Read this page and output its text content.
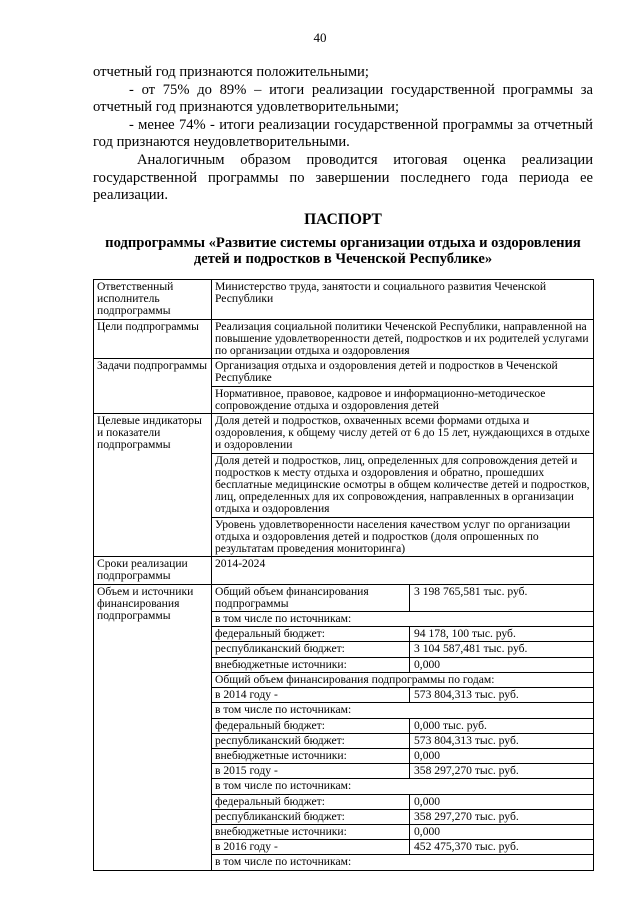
40

отчетный год признаются положительными;

- от 75% до 89% – итоги реализации государственной программы за отчетный год признаются удовлетворительными;

- менее 74% - итоги реализации государственной программы за отчетный год признаются неудовлетворительными.

Аналогичным образом проводится итоговая оценка реализации государственной программы по завершении последнего года периода ее реализации.

ПАСПОРТ
подпрограммы «Развитие системы организации отдыха и оздоровления детей и подростков в Чеченской Республике»
Ответственный исполнитель подпрограммы	Министерство труда, занятости и социального развития Чеченской Республики	
Цели подпрограммы	Реализация социальной политики Чеченской Республики, направленной на повышение удовлетворенности детей, подростков и их родителей услугами по организации отдыха и оздоровления	
Задачи подпрограммы	Организация отдыха и оздоровления детей и подростков в Чеченской Республике	
	Нормативное, правовое, кадровое и информационно-методическое сопровождение отдыха и оздоровления детей	
Целевые индикаторы и показатели подпрограммы	Доля детей и подростков, охваченных всеми формами отдыха и оздоровления, к общему числу детей от 6 до 15 лет, нуждающихся в отдыхе и оздоровлении	
	Доля детей и подростков, лиц, определенных для сопровождения детей и подростков к месту отдыха и оздоровления и обратно, прошедших бесплатные медицинские осмотры в общем количестве детей и подростков, лиц, определенных для их сопровождения, направленных в организации отдыха и оздоровления	
	Уровень удовлетворенности населения качеством услуг по организации отдыха и оздоровления детей и подростков (доля опрошенных по результатам проведения мониторинга)	
Сроки реализации подпрограммы	2014-2024	
Объем и источники финансирования подпрограммы	Общий объем финансирования подпрограммы	3 198 765,581 тыс. руб.
	в том числе по источникам:	
	федеральный бюджет:	94 178, 100 тыс. руб.
	республиканский бюджет:	3 104 587,481 тыс. руб.
	внебюджетные источники:	0,000
	Общий объем финансирования подпрограммы по годам:	
	в 2014 году -	573 804,313 тыс. руб.
	в том числе по источникам:	
	федеральный бюджет:	0,000 тыс. руб.
	республиканский бюджет:	573 804,313 тыс. руб.
	внебюджетные источники:	0,000
	в 2015 году -	358 297,270 тыс. руб.
	в том числе по источникам:	
	федеральный бюджет:	0,000
	республиканский бюджет:	358 297,270 тыс. руб.
	внебюджетные источники:	0,000
	в 2016 году -	452 475,370 тыс. руб.
	в том числе по источникам:	
